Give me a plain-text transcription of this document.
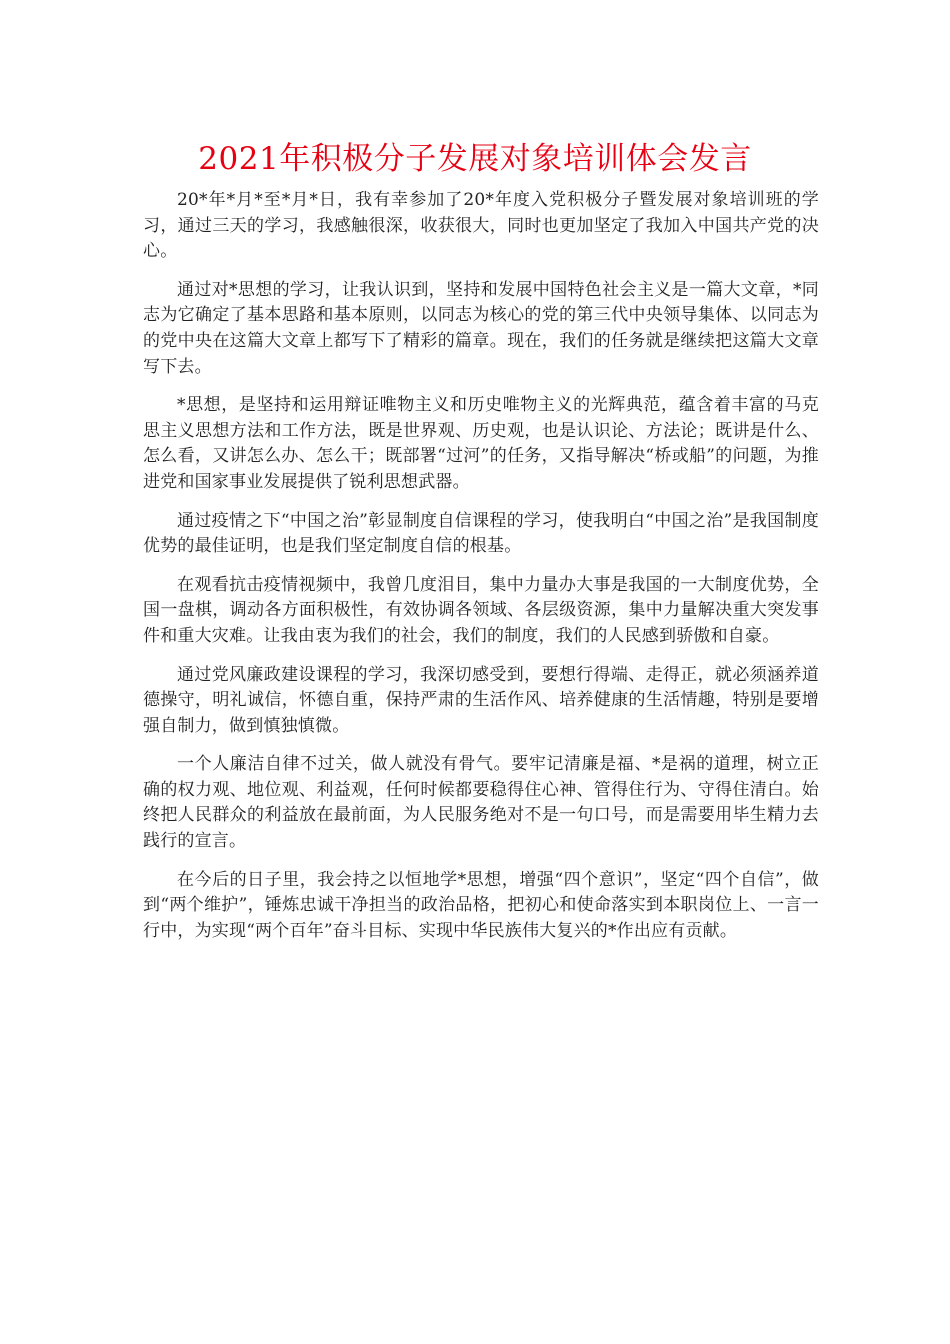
2021年积极分子发展对象培训体会发言

20*年*月*至*月*日，我有幸参加了20*年度入党积极分子暨发展对象培训班的学习，通过三天的学习，我感触很深，收获很大，同时也更加坚定了我加入中国共产党的决心。

通过对*思想的学习，让我认识到，坚持和发展中国特色社会主义是一篇大文章，*同志为它确定了基本思路和基本原则，以同志为核心的党的第三代中央领导集体、以同志为的党中央在这篇大文章上都写下了精彩的篇章。现在，我们的任务就是继续把这篇大文章写下去。

*思想，是坚持和运用辩证唯物主义和历史唯物主义的光辉典范，蕴含着丰富的马克思主义思想方法和工作方法，既是世界观、历史观，也是认识论、方法论；既讲是什么、怎么看，又讲怎么办、怎么干；既部署“过河”的任务，又指导解决“桥或船”的问题，为推进党和国家事业发展提供了锐利思想武器。

通过疫情之下“中国之治”彰显制度自信课程的学习，使我明白“中国之治”是我国制度优势的最佳证明，也是我们坚定制度自信的根基。

在观看抗击疫情视频中，我曾几度泪目，集中力量办大事是我国的一大制度优势，全国一盘棋，调动各方面积极性，有效协调各领域、各层级资源，集中力量解决重大突发事件和重大灾难。让我由衷为我们的社会，我们的制度，我们的人民感到骄傲和自豪。

通过党风廉政建设课程的学习，我深切感受到，要想行得端、走得正，就必须涵养道德操守，明礼诚信，怀德自重，保持严肃的生活作风、培养健康的生活情趣，特别是要增强自制力，做到慎独慎微。

一个人廉洁自律不过关，做人就没有骨气。要牢记清廉是福、*是祸的道理，树立正确的权力观、地位观、利益观，任何时候都要稳得住心神、管得住行为、守得住清白。始终把人民群众的利益放在最前面，为人民服务绝对不是一句口号，而是需要用毕生精力去践行的宣言。

在今后的日子里，我会持之以恒地学*思想，增强“四个意识”，坚定“四个自信”，做到“两个维护”，锤炼忠诚干净担当的政治品格，把初心和使命落实到本职岗位上、一言一行中，为实现“两个百年”奋斗目标、实现中华民族伟大复兴的*作出应有贡献。
